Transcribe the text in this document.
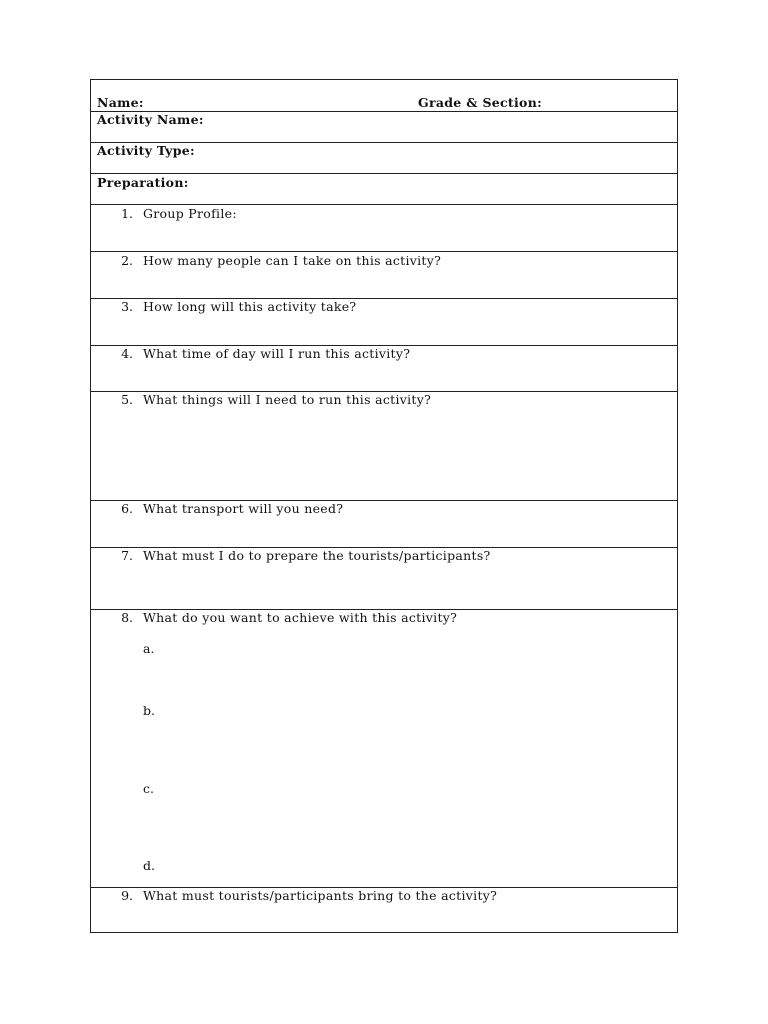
Name:	Grade & Section:
Activity Name:
Activity Type:
Preparation:
1. Group Profile:
2. How many people can I take on this activity?
3. How long will this activity take?
4. What time of day will I run this activity?
5. What things will I need to run this activity?
6. What transport will you need?
7. What must I do to prepare the tourists/participants?
8. What do you want to achieve with this activity?
a.
b.
c.
d.
9. What must tourists/participants bring to the activity?
